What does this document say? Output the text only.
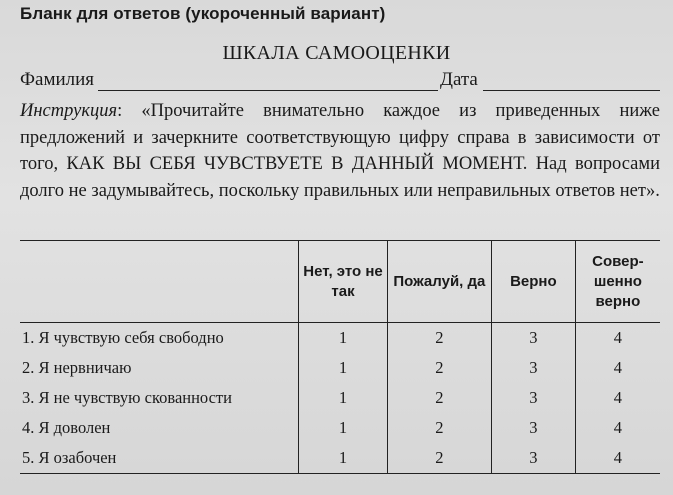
Бланк для ответов (укороченный вариант)
ШКАЛА САМООЦЕНКИ
Фамилия	Дата
Инструкция: «Прочитайте внимательно каждое из приведенных ниже предложений и зачеркните соответствующую цифру справа в зависимости от того, КАК ВЫ СЕБЯ ЧУВСТВУЕТЕ В ДАННЫЙ МОМЕНТ. Над вопросами долго не задумывайтесь, поскольку правильных или неправильных ответов нет».
	Нет, это не так	Пожалуй, да	Верно	Совер-шенно верно
1. Я чувствую себя свободно	1	2	3	4
2. Я нервничаю	1	2	3	4
3. Я не чувствую скованности	1	2	3	4
4. Я доволен	1	2	3	4
5. Я озабочен	1	2	3	4
